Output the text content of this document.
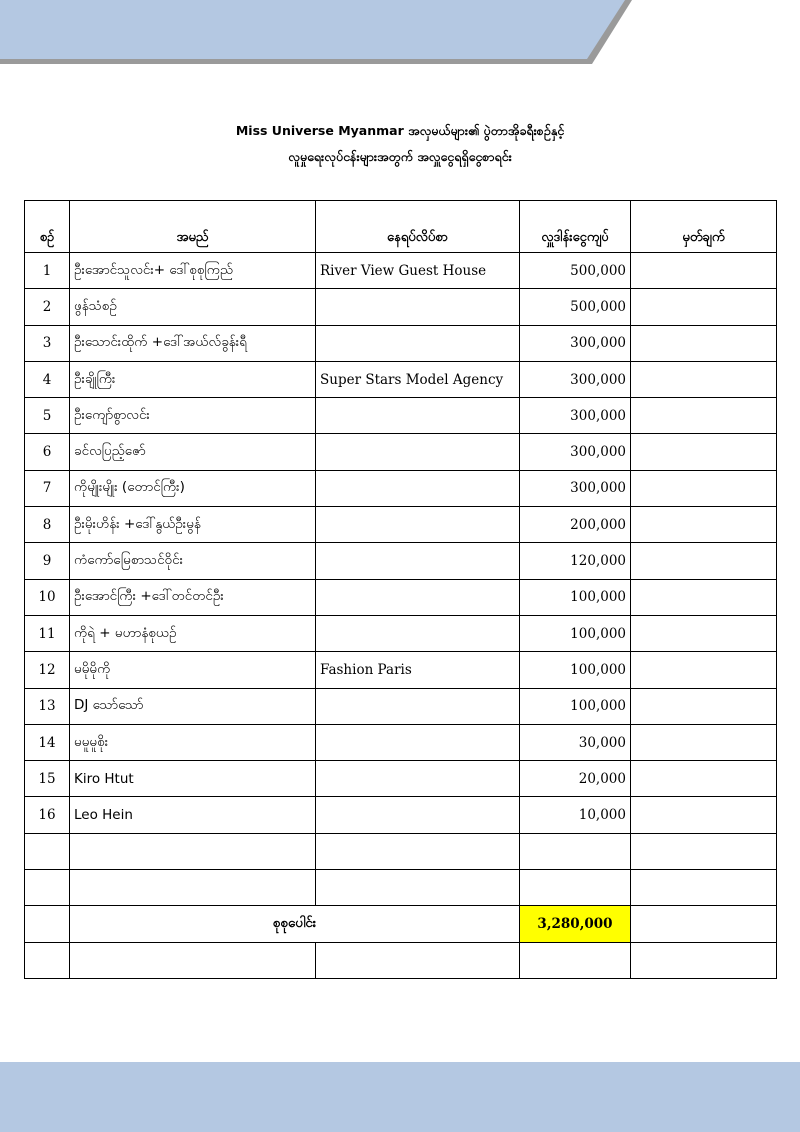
Miss Universe Myanmar အလှမယ်များ၏ ပွဲတာအိုခရီးစဉ်နှင့်
လူမှုရေးလုပ်ငန်းများအတွက် အလှူငွေရရှိငွေစာရင်း
စဉ်	အမည်	နေရပ်လိပ်စာ	လှူဒါန်းငွေကျပ်	မှတ်ချက်
1	ဦးအောင်သူလင်း+ ဒေါ်စုစုကြည်	River View Guest House	500,000	
2	ဖွန်သံစဉ်		500,000	
3	ဦးသောင်းထိုက် +ဒေါ်အယ်လ်ခွန်းရီ		300,000	
4	ဦးချိုကြီး	Super Stars Model Agency	300,000	
5	ဦးကျော်စွာလင်း		300,000	
6	ခင်လပြည့်ဇော်		300,000	
7	ကိုမျိုးမျိုး (တောင်ကြီး)		300,000	
8	ဦးမိုးဟိန်း +ဒေါ်နွယ်ဦးမွန်		200,000	
9	ကံကော်မြေစာသင်ဝိုင်း		120,000	
10	ဦးအောင်ကြီး +ဒေါ်တင်တင်ဦး		100,000	
11	ကိုရဲ + မဟာနံစုယဉ်		100,000	
12	မမိုမိုကို	Fashion Paris	100,000	
13	DJ သော်သော်		100,000	
14	မမူမူစိုး		30,000	
15	Kiro Htut		20,000	
16	Leo Hein		10,000	

	စုစုပေါင်း		3,280,000	
